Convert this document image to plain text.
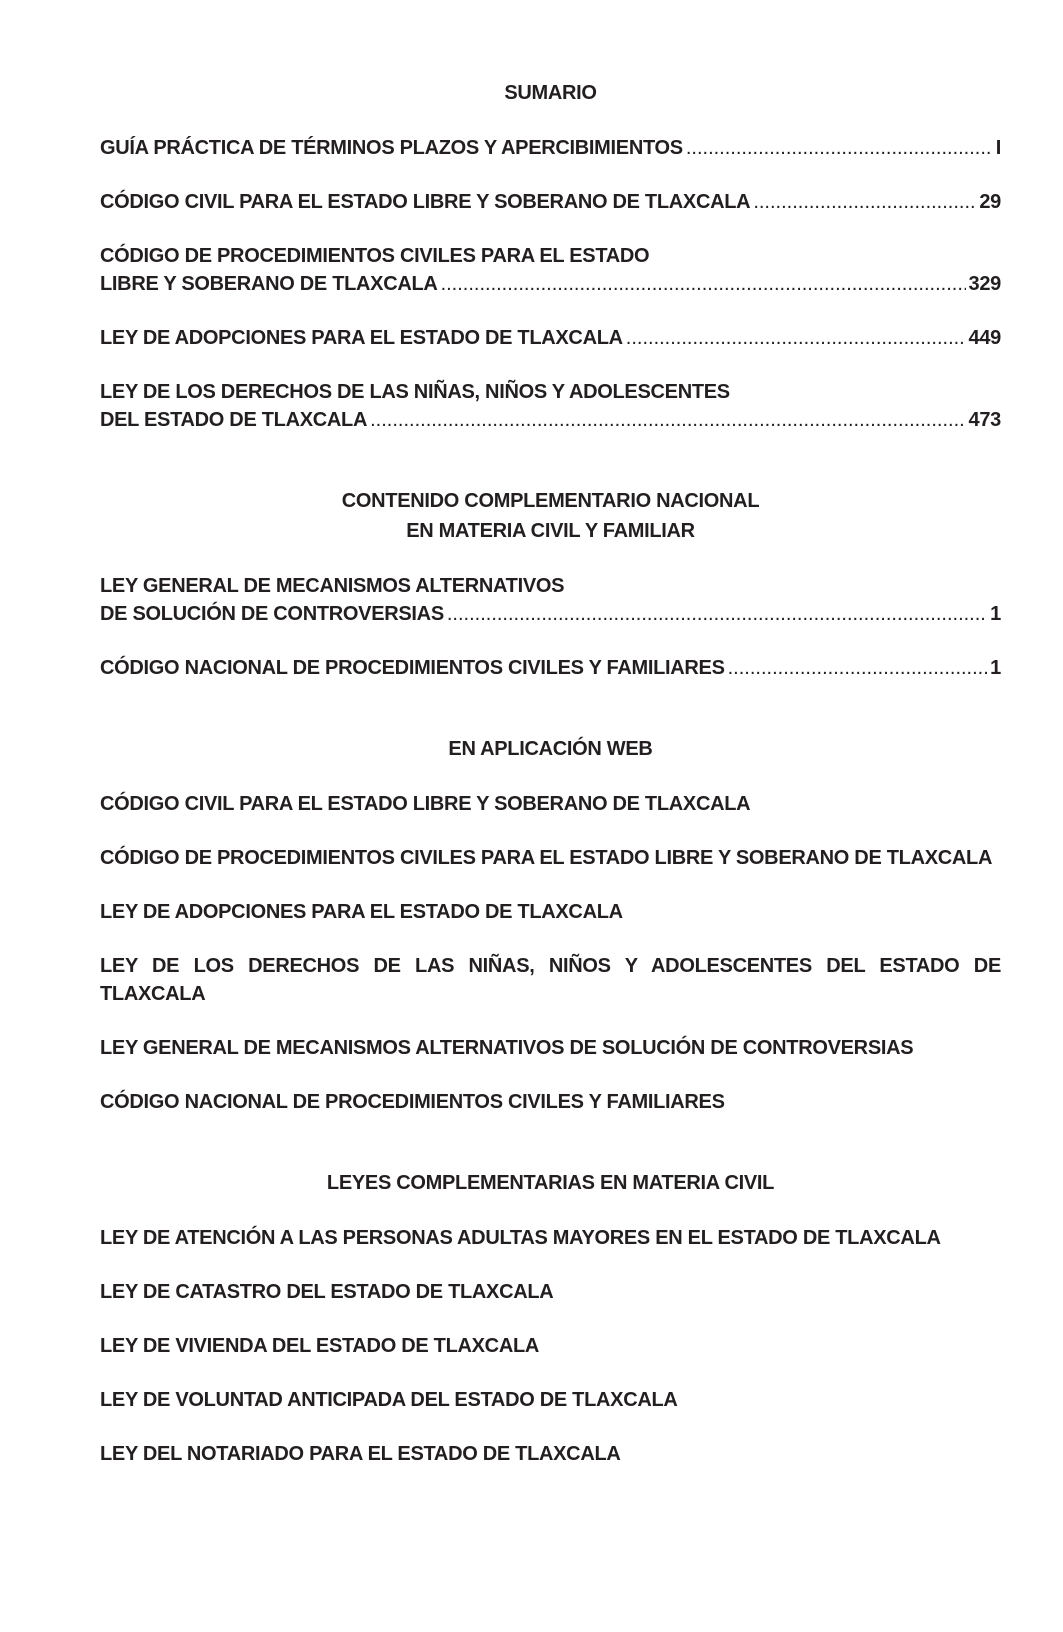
SUMARIO
GUÍA PRÁCTICA DE TÉRMINOS PLAZOS Y APERCIBIMIENTOS .....	I
CÓDIGO CIVIL PARA EL ESTADO LIBRE Y SOBERANO DE TLAXCALA .....	29
CÓDIGO DE PROCEDIMIENTOS CIVILES PARA EL ESTADO
LIBRE Y SOBERANO DE TLAXCALA .....	329
LEY DE ADOPCIONES PARA EL ESTADO DE TLAXCALA .....	449
LEY DE LOS DERECHOS DE LAS NIÑAS, NIÑOS Y ADOLESCENTES
DEL ESTADO DE TLAXCALA .....	473
CONTENIDO COMPLEMENTARIO NACIONAL
EN MATERIA CIVIL Y FAMILIAR
LEY GENERAL DE MECANISMOS ALTERNATIVOS
DE SOLUCIÓN DE CONTROVERSIAS .....	1
CÓDIGO NACIONAL DE PROCEDIMIENTOS CIVILES Y FAMILIARES .....	1
EN APLICACIÓN WEB
CÓDIGO CIVIL PARA EL ESTADO LIBRE Y SOBERANO DE TLAXCALA
CÓDIGO DE PROCEDIMIENTOS CIVILES PARA EL ESTADO LIBRE Y SOBERANO DE TLAXCALA
LEY DE ADOPCIONES PARA EL ESTADO DE TLAXCALA
LEY DE LOS DERECHOS DE LAS NIÑAS, NIÑOS Y ADOLESCENTES DEL ESTADO DE TLAXCALA
LEY GENERAL DE MECANISMOS ALTERNATIVOS DE SOLUCIÓN DE CONTROVERSIAS
CÓDIGO NACIONAL DE PROCEDIMIENTOS CIVILES Y FAMILIARES
LEYES COMPLEMENTARIAS EN MATERIA CIVIL
LEY DE ATENCIÓN A LAS PERSONAS ADULTAS MAYORES EN EL ESTADO DE TLAXCALA
LEY DE CATASTRO DEL ESTADO DE TLAXCALA
LEY DE VIVIENDA DEL ESTADO DE TLAXCALA
LEY DE VOLUNTAD ANTICIPADA DEL ESTADO DE TLAXCALA
LEY DEL NOTARIADO PARA EL ESTADO DE TLAXCALA
